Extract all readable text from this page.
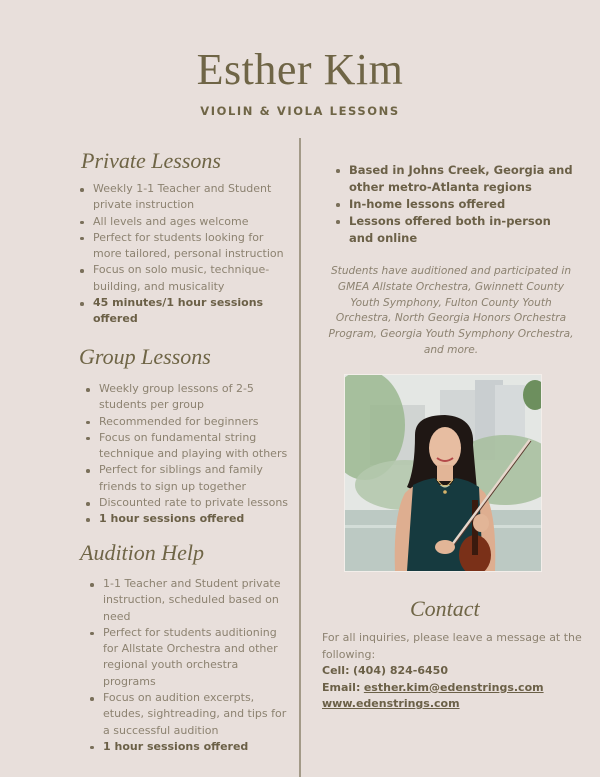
Esther Kim
VIOLIN & VIOLA LESSONS
Private Lessons
Weekly 1-1 Teacher and Student private instruction
All levels and ages welcome
Perfect for students looking for more tailored, personal instruction
Focus on solo music, technique-building, and musicality
45 minutes/1 hour sessions offered
Group Lessons
Weekly group lessons of 2-5 students per group
Recommended for beginners
Focus on fundamental string technique and playing with others
Perfect for siblings and family friends to sign up together
Discounted rate to private lessons
1 hour sessions offered
Audition Help
1-1 Teacher and Student private instruction, scheduled based on need
Perfect for students auditioning for Allstate Orchestra and other regional youth orchestra programs
Focus on audition excerpts, etudes, sightreading, and tips for a successful audition
1 hour sessions offered
Based in Johns Creek, Georgia and other metro-Atlanta regions
In-home lessons offered
Lessons offered both in-person and online

Students have auditioned and participated in GMEA Allstate Orchestra, Gwinnett County Youth Symphony, Fulton County Youth Orchestra, North Georgia Honors Orchestra Program, Georgia Youth Symphony Orchestra, and more.

Contact
For all inquiries, please leave a message at the following:
Cell: (404) 824-6450
Email: esther.kim@edenstrings.com
www.edenstrings.com
